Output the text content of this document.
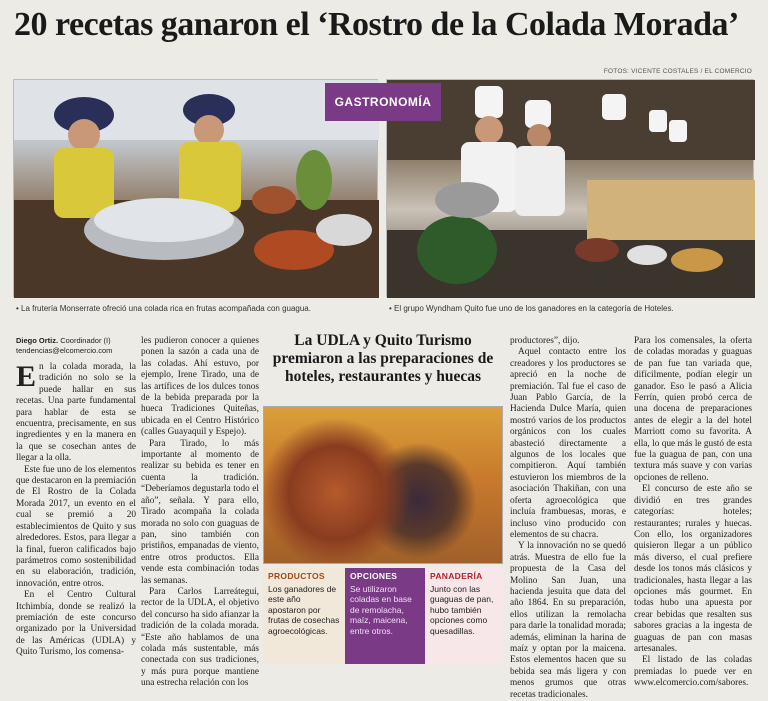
20 recetas ganaron el ‘Rostro de la Colada Morada’
FOTOS: VICENTE COSTALES / EL COMERCIO
GASTRONOMÍA
• La frutería Monserrate ofreció una colada rica en frutas acompañada con guagua.	• El grupo Wyndham Quito fue uno de los ganadores en la categoría de Hoteles.
Diego Ortiz. Coordinador (I)
tendencias@elcomercio.com

En la colada morada, la tradición no solo se la puede hallar en sus recetas. Una parte fundamental para hablar de esta se encuentra, precisamente, en sus ingredientes y en la manera en la que se cosechan antes de llegar a la olla.

Este fue uno de los elementos que destacaron en la premiación de El Rostro de la Colada Morada 2017, un evento en el cual se premió a 20 establecimientos de Quito y sus alrededores. Estos, para llegar a la final, fueron calificados bajo parámetros como sostenibilidad en su elaboración, tradición, innovación, entre otros.

En el Centro Cultural Itchimbía, donde se realizó la premiación de este concurso organizado por la Universidad de las Américas (UDLA) y Quito Turismo, los comensa-

les pudieron conocer a quienes ponen la sazón a cada una de las coladas. Ahí estuvo, por ejemplo, Irene Tirado, una de las artífices de los dulces tonos de la bebida preparada por la hueca Tradiciones Quiteñas, ubicada en el Centro Histórico (calles Guayaquil y Espejo).

Para Tirado, lo más importante al momento de realizar su bebida es tener en cuenta la tradición. “Deberíamos degustarla todo el año”, señala. Y para ello, Tirado acompaña la colada morada no solo con guaguas de pan, sino también con pristiños, empanadas de viento, entre otros productos. Ella vende esta combinación todas las semanas.

Para Carlos Larreátegui, rector de la UDLA, el objetivo del concurso ha sido afianzar la tradición de la colada morada. “Este año hablamos de una colada más sustentable, más conectada con sus tradiciones, y más pura porque mantiene una estrecha relación con los

La UDLA y Quito Turismo premiaron a las preparaciones de hoteles, restaurantes y huecas
PRODUCTOS
Los ganadores de este año apostaron por frutas de cosechas agroecológicas.
OPCIONES
Se utilizaron coladas en base de remolacha, maíz, maicena, entre otros.
PANADERÍA
Junto con las guaguas de pan, hubo también opciones como quesadillas.

productores”, dijo.

Aquel contacto entre los creadores y los productores se apreció en la noche de premiación. Tal fue el caso de Juan Pablo García, de la Hacienda Dulce María, quien mostró varios de los productos orgánicos con los cuales abasteció directamente a algunos de los locales que compitieron. Aquí también estuvieron los miembros de la asociación Thakiñan, con una oferta agroecológica que incluía frambuesas, moras, e incluso vino producido con elementos de su chacra.

Y la innovación no se quedó atrás. Muestra de ello fue la propuesta de la Casa del Molino San Juan, una hacienda jesuita que data del año 1864. En su preparación, ellos utilizan la remolacha para darle la tonalidad morada; además, eliminan la harina de maíz y optan por la maicena. Estos elementos hacen que su bebida sea más ligera y con menos grumos que otras recetas tradicionales.

Para los comensales, la oferta de coladas moradas y guaguas de pan fue tan variada que, difícilmente, podían elegir un ganador. Eso le pasó a Alicia Ferrín, quien probó cerca de una docena de preparaciones antes de elegir a la del hotel Marriott como su favorita. A ella, lo que más le gustó de esta fue la guagua de pan, con una textura más suave y con varias opciones de relleno.

El concurso de este año se dividió en tres grandes categorías: hoteles; restaurantes; rurales y huecas. Con ello, los organizadores quisieron llegar a un público más diverso, el cual prefiere desde los tonos más clásicos y tradicionales, hasta llegar a las opciones más gourmet. En todas hubo una apuesta por crear bebidas que resalten sus sabores gracias a la ingesta de guaguas de pan con masas artesanales.

El listado de las coladas premiadas lo puede ver en www.elcomercio.com/sabores.
